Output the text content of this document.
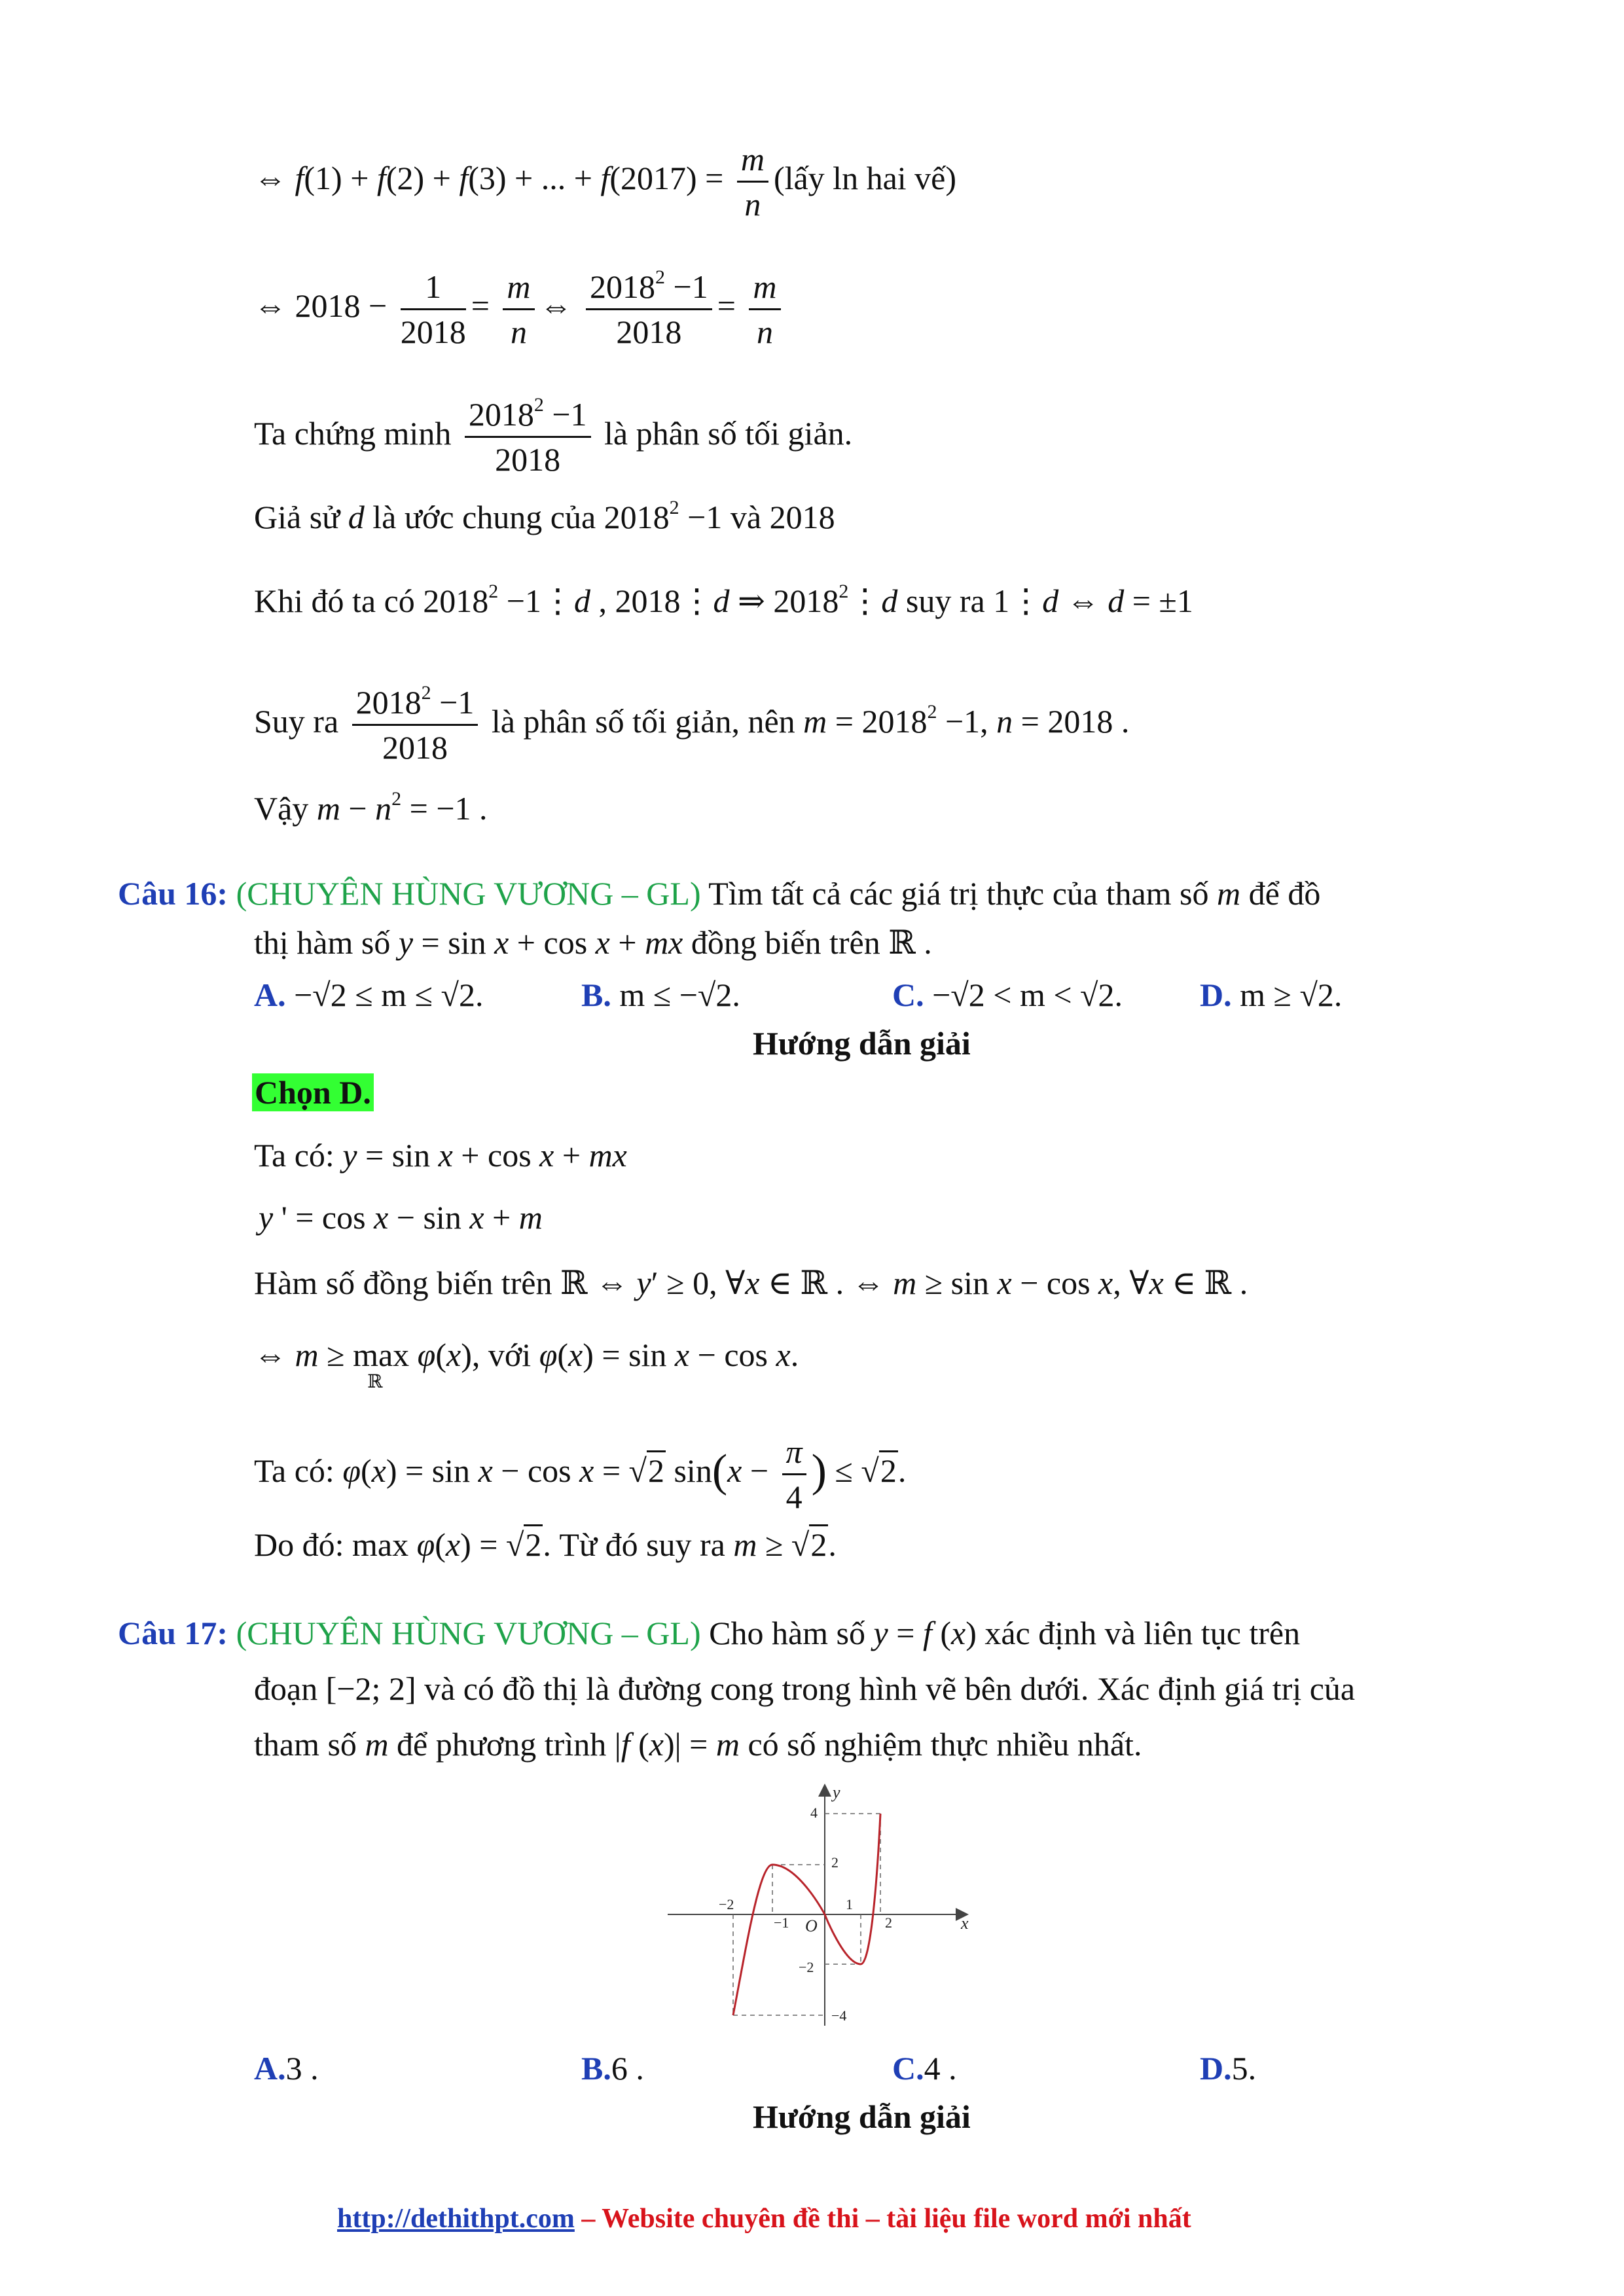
⇔ f(1) + f(2) + f(3) + ... + $f(2017) = \frac{m}{n}$ (lấy ln hai vế)
⇔ $2018 - \frac{1}{2018} = \frac{m}{n}$ ⇔ $\frac{2018^2 -1}{2018} = \frac{m}{n}$
Ta chứng minh $\frac{2018^2 -1}{2018}$ là phân số tối giản.
Giả sử d là ước chung của $2018^2 -1$ và 2018
Khi đó ta có $2018^2$ −1⋮d , 2018⋮d ⇒ 2018$^2$⋮d suy ra 1⋮d ⇔ d = ±1
Suy ra $\frac{2018^2 -1}{2018}$ là phân số tối giản, nên $m = 2018^2 -1$, n = 2018 .
Vậy $m - n^2 = -1$ .
Câu 16: (CHUYÊN HÙNG VƯƠNG – GL) Tìm tất cả các giá trị thực của tham số m để đồ
thị hàm số y = sin x + cos x + mx đồng biến trên ℝ .
A. −√2 ≤ m ≤ √2.	B. m ≤ −√2.	C. −√2 < m < √2. D. m ≥ √2.
Hướng dẫn giải
Chọn D.
Ta có: y = sin x + cos x + mx
y ' = cos x − sin x + m
Hàm số đồng biến trên ℝ ⇔ y′ ≥ 0, ∀x ∈ ℝ . ⇔ m ≥ sin x − cos x, ∀x ∈ ℝ .
⇔ m ≥ max
ℝ
φ(x), với φ(x) = sin x − cos x.
Ta có: φ(x) = sin x − cos x = √2 $\sin(x - \frac{\pi}{4}$ ) ≤ √2.
Do đó: max φ(x) = √2. Từ đó suy ra m ≥ √2.
Câu 17: (CHUYÊN HÙNG VƯƠNG – GL) Cho hàm số y = f (x) xác định và liên tục trên
đoạn [−2; 2] và có đồ thị là đường cong trong hình vẽ bên dưới. Xác định giá trị của
tham số m để phương trình |f (x)| = m có số nghiệm thực nhiều nhất.
y
x
O
4
2
−2
−4
−2
−1
1
2
A.3 .	B.6 .	C.4 .	D.5.
Hướng dẫn giải
http://dethithpt.com – Website chuyên đề thi – tài liệu file word mới nhất
